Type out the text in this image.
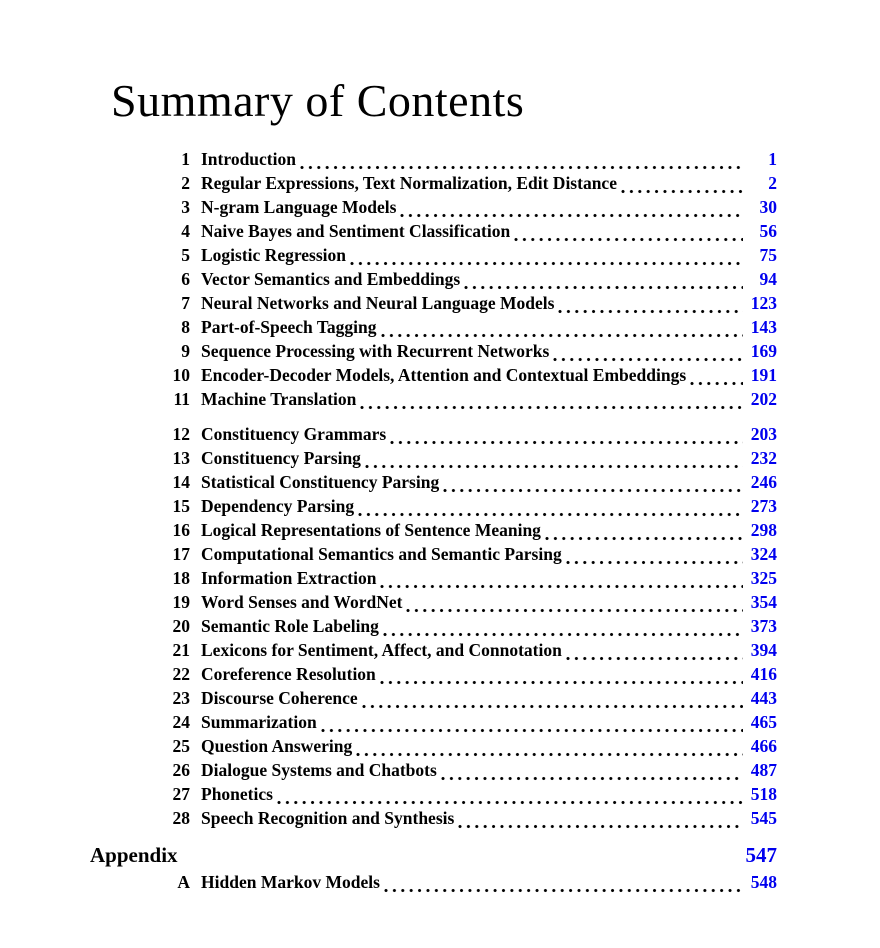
Summary of Contents
1 Introduction	1
2 Regular Expressions, Text Normalization, Edit Distance	2
3 N-gram Language Models	30
4 Naive Bayes and Sentiment Classification	56
5 Logistic Regression	75
6 Vector Semantics and Embeddings	94
7 Neural Networks and Neural Language Models	123
8 Part-of-Speech Tagging	143
9 Sequence Processing with Recurrent Networks	169
10 Encoder-Decoder Models, Attention and Contextual Embeddings	191
11 Machine Translation	202
12 Constituency Grammars	203
13 Constituency Parsing	232
14 Statistical Constituency Parsing	246
15 Dependency Parsing	273
16 Logical Representations of Sentence Meaning	298
17 Computational Semantics and Semantic Parsing	324
18 Information Extraction	325
19 Word Senses and WordNet	354
20 Semantic Role Labeling	373
21 Lexicons for Sentiment, Affect, and Connotation	394
22 Coreference Resolution	416
23 Discourse Coherence	443
24 Summarization	465
25 Question Answering	466
26 Dialogue Systems and Chatbots	487
27 Phonetics	518
28 Speech Recognition and Synthesis	545
Appendix	547
A Hidden Markov Models	548
